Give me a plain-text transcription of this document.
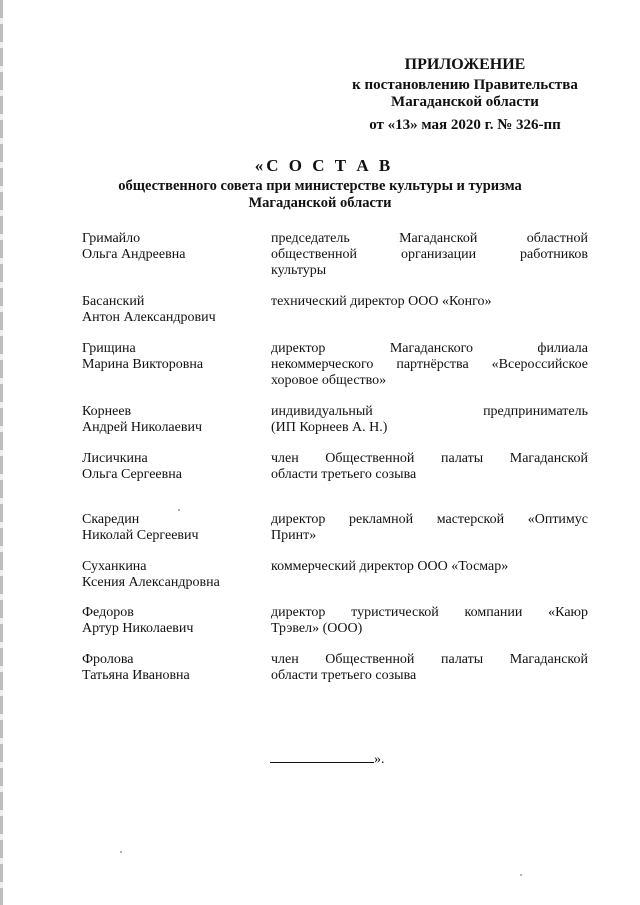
ПРИЛОЖЕНИЕ
к постановлению Правительства
Магаданской области
от «13» мая 2020 г. № 326-пп
«С О С Т А В
общественного совета при министерстве культуры и туризма
Магаданской области
Гримайло
Ольга Андреевна
председатель Магаданской областной
общественной организации работников
культуры
Басанский
Антон Александрович
технический директор ООО «Конго»
Грищина
Марина Викторовна
директор Магаданского филиала
некоммерческого партнёрства «Всероссийское
хоровое общество»
Корнеев
Андрей Николаевич
индивидуальный предприниматель
(ИП Корнеев А. Н.)
Лисичкина
Ольга Сергеевна
член Общественной палаты Магаданской
области третьего созыва
Скаредин
Николай Сергеевич
директор рекламной мастерской «Оптимус
Принт»
Суханкина
Ксения Александровна
коммерческий директор ООО «Тосмар»
Федоров
Артур Николаевич
директор туристической компании «Каюр
Трэвел» (ООО)
Фролова
Татьяна Ивановна
член Общественной палаты Магаданской
области третьего созыва
».
